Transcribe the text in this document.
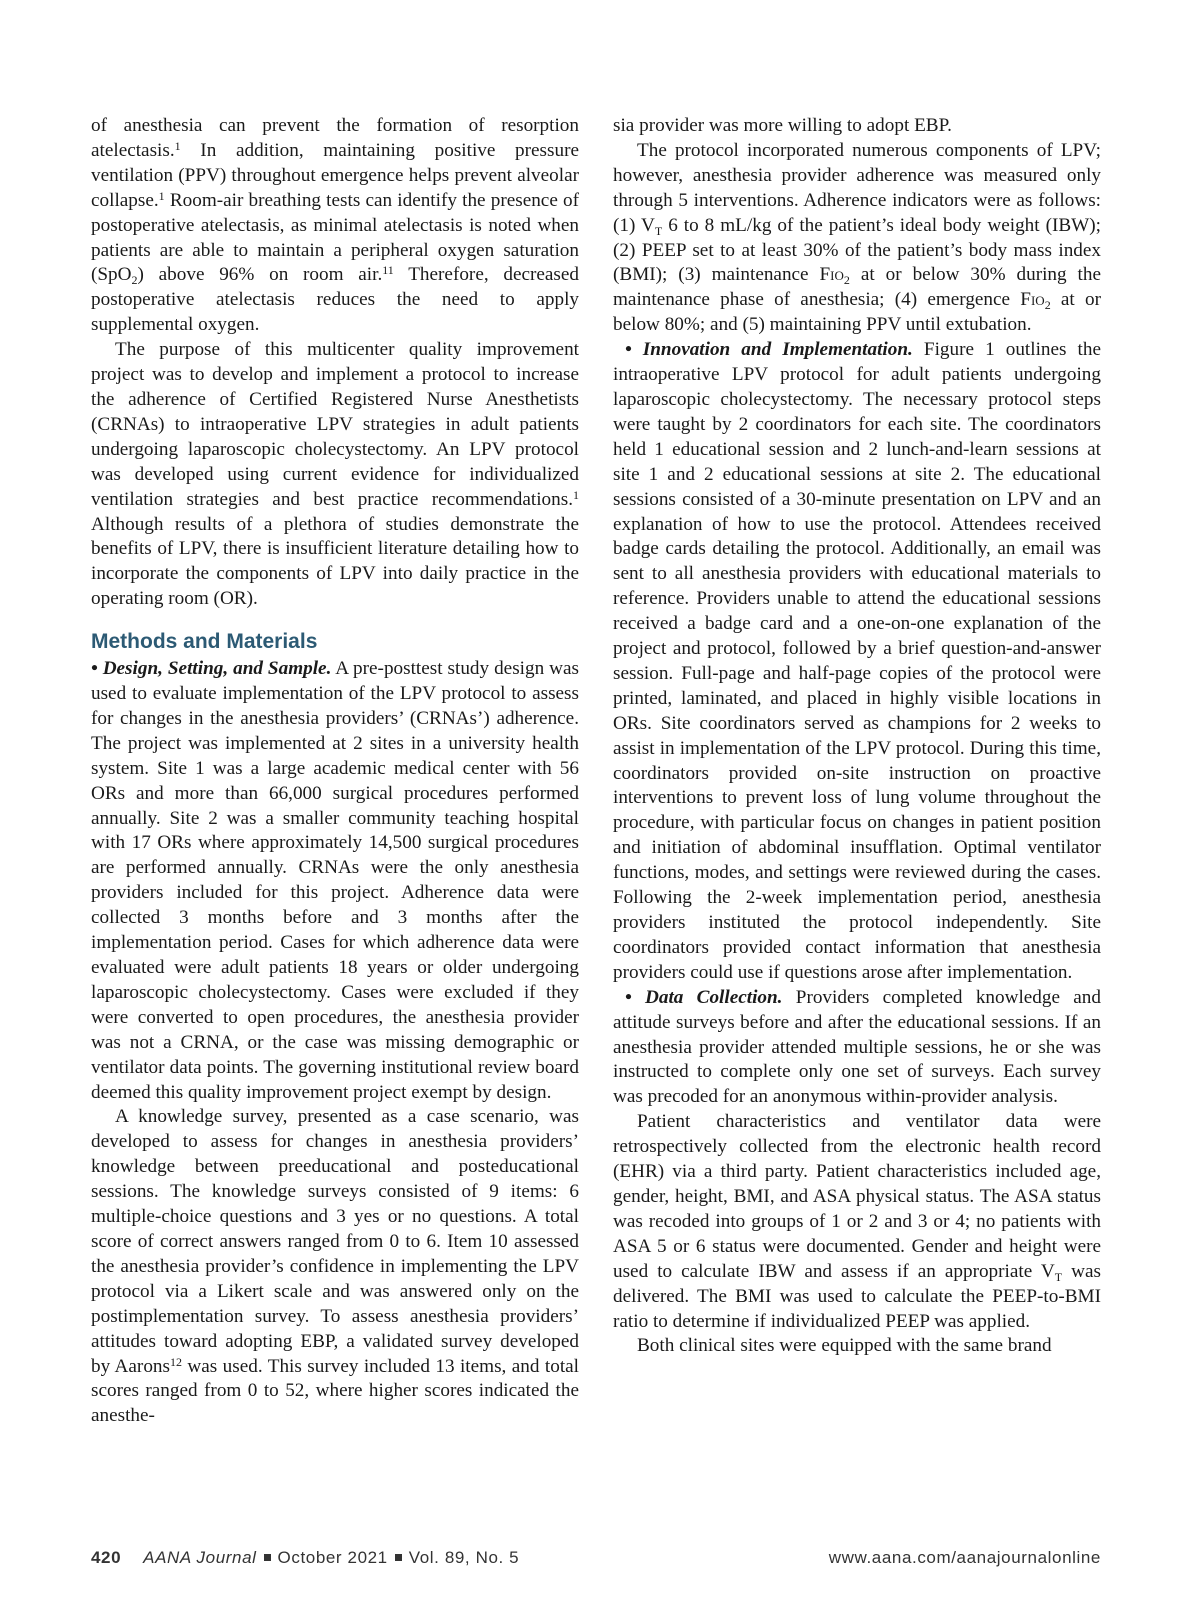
of anesthesia can prevent the formation of resorption atelectasis.$^1$ In addition, maintaining positive pressure ventilation (PPV) throughout emergence helps prevent alveolar collapse.$^1$ Room-air breathing tests can identify the presence of postoperative atelectasis, as minimal atelectasis is noted when patients are able to maintain a peripheral oxygen saturation (SpO$_2$) above 96% on room air.$^{11}$ Therefore, decreased postoperative atelectasis reduces the need to apply supplemental oxygen.

The purpose of this multicenter quality improvement project was to develop and implement a protocol to increase the adherence of Certified Registered Nurse Anesthetists (CRNAs) to intraoperative LPV strategies in adult patients undergoing laparoscopic cholecystectomy. An LPV protocol was developed using current evidence for individualized ventilation strategies and best practice recommendations.$^1$ Although results of a plethora of studies demonstrate the benefits of LPV, there is insufficient literature detailing how to incorporate the components of LPV into daily practice in the operating room (OR).

Methods and Materials

• Design, Setting, and Sample. A pre-posttest study design was used to evaluate implementation of the LPV protocol to assess for changes in the anesthesia providers’ (CRNAs’) adherence. The project was implemented at 2 sites in a university health system. Site 1 was a large academic medical center with 56 ORs and more than 66,000 surgical procedures performed annually. Site 2 was a smaller community teaching hospital with 17 ORs where approximately 14,500 surgical procedures are performed annually. CRNAs were the only anesthesia providers included for this project. Adherence data were collected 3 months before and 3 months after the implementation period. Cases for which adherence data were evaluated were adult patients 18 years or older undergoing laparoscopic cholecystectomy. Cases were excluded if they were converted to open procedures, the anesthesia provider was not a CRNA, or the case was missing demographic or ventilator data points. The governing institutional review board deemed this quality improvement project exempt by design.

A knowledge survey, presented as a case scenario, was developed to assess for changes in anesthesia providers’ knowledge between preeducational and posteducational sessions. The knowledge surveys consisted of 9 items: 6 multiple-choice questions and 3 yes or no questions. A total score of correct answers ranged from 0 to 6. Item 10 assessed the anesthesia provider’s confidence in implementing the LPV protocol via a Likert scale and was answered only on the postimplementation survey. To assess anesthesia providers’ attitudes toward adopting EBP, a validated survey developed by Aarons$^{12}$ was used. This survey included 13 items, and total scores ranged from 0 to 52, where higher scores indicated the anesthe-

sia provider was more willing to adopt EBP.

The protocol incorporated numerous components of LPV; however, anesthesia provider adherence was measured only through 5 interventions. Adherence indicators were as follows: (1) $V_T$ 6 to 8 mL/kg of the patient’s ideal body weight (IBW); (2) PEEP set to at least 30% of the patient’s body mass index (BMI); (3) maintenance Fio$_2$ at or below 30% during the maintenance phase of anesthesia; (4) emergence Fio$_2$ at or below 80%; and (5) maintaining PPV until extubation.

• Innovation and Implementation. Figure 1 outlines the intraoperative LPV protocol for adult patients undergoing laparoscopic cholecystectomy. The necessary protocol steps were taught by 2 coordinators for each site. The coordinators held 1 educational session and 2 lunch-and-learn sessions at site 1 and 2 educational sessions at site 2. The educational sessions consisted of a 30-minute presentation on LPV and an explanation of how to use the protocol. Attendees received badge cards detailing the protocol. Additionally, an email was sent to all anesthesia providers with educational materials to reference. Providers unable to attend the educational sessions received a badge card and a one-on-one explanation of the project and protocol, followed by a brief question-and-answer session. Full-page and half-page copies of the protocol were printed, laminated, and placed in highly visible locations in ORs. Site coordinators served as champions for 2 weeks to assist in implementation of the LPV protocol. During this time, coordinators provided on-site instruction on proactive interventions to prevent loss of lung volume throughout the procedure, with particular focus on changes in patient position and initiation of abdominal insufflation. Optimal ventilator functions, modes, and settings were reviewed during the cases. Following the 2-week implementation period, anesthesia providers instituted the protocol independently. Site coordinators provided contact information that anesthesia providers could use if questions arose after implementation.

• Data Collection. Providers completed knowledge and attitude surveys before and after the educational sessions. If an anesthesia provider attended multiple sessions, he or she was instructed to complete only one set of surveys. Each survey was precoded for an anonymous within-provider analysis.

Patient characteristics and ventilator data were retrospectively collected from the electronic health record (EHR) via a third party. Patient characteristics included age, gender, height, BMI, and ASA physical status. The ASA status was recoded into groups of 1 or 2 and 3 or 4; no patients with ASA 5 or 6 status were documented. Gender and height were used to calculate IBW and assess if an appropriate $V_T$ was delivered. The BMI was used to calculate the PEEP-to-BMI ratio to determine if individualized PEEP was applied.

Both clinical sites were equipped with the same brand

420 AANA Journal October 2021 Vol. 89, No. 5	www.aana.com/aanajournalonline
